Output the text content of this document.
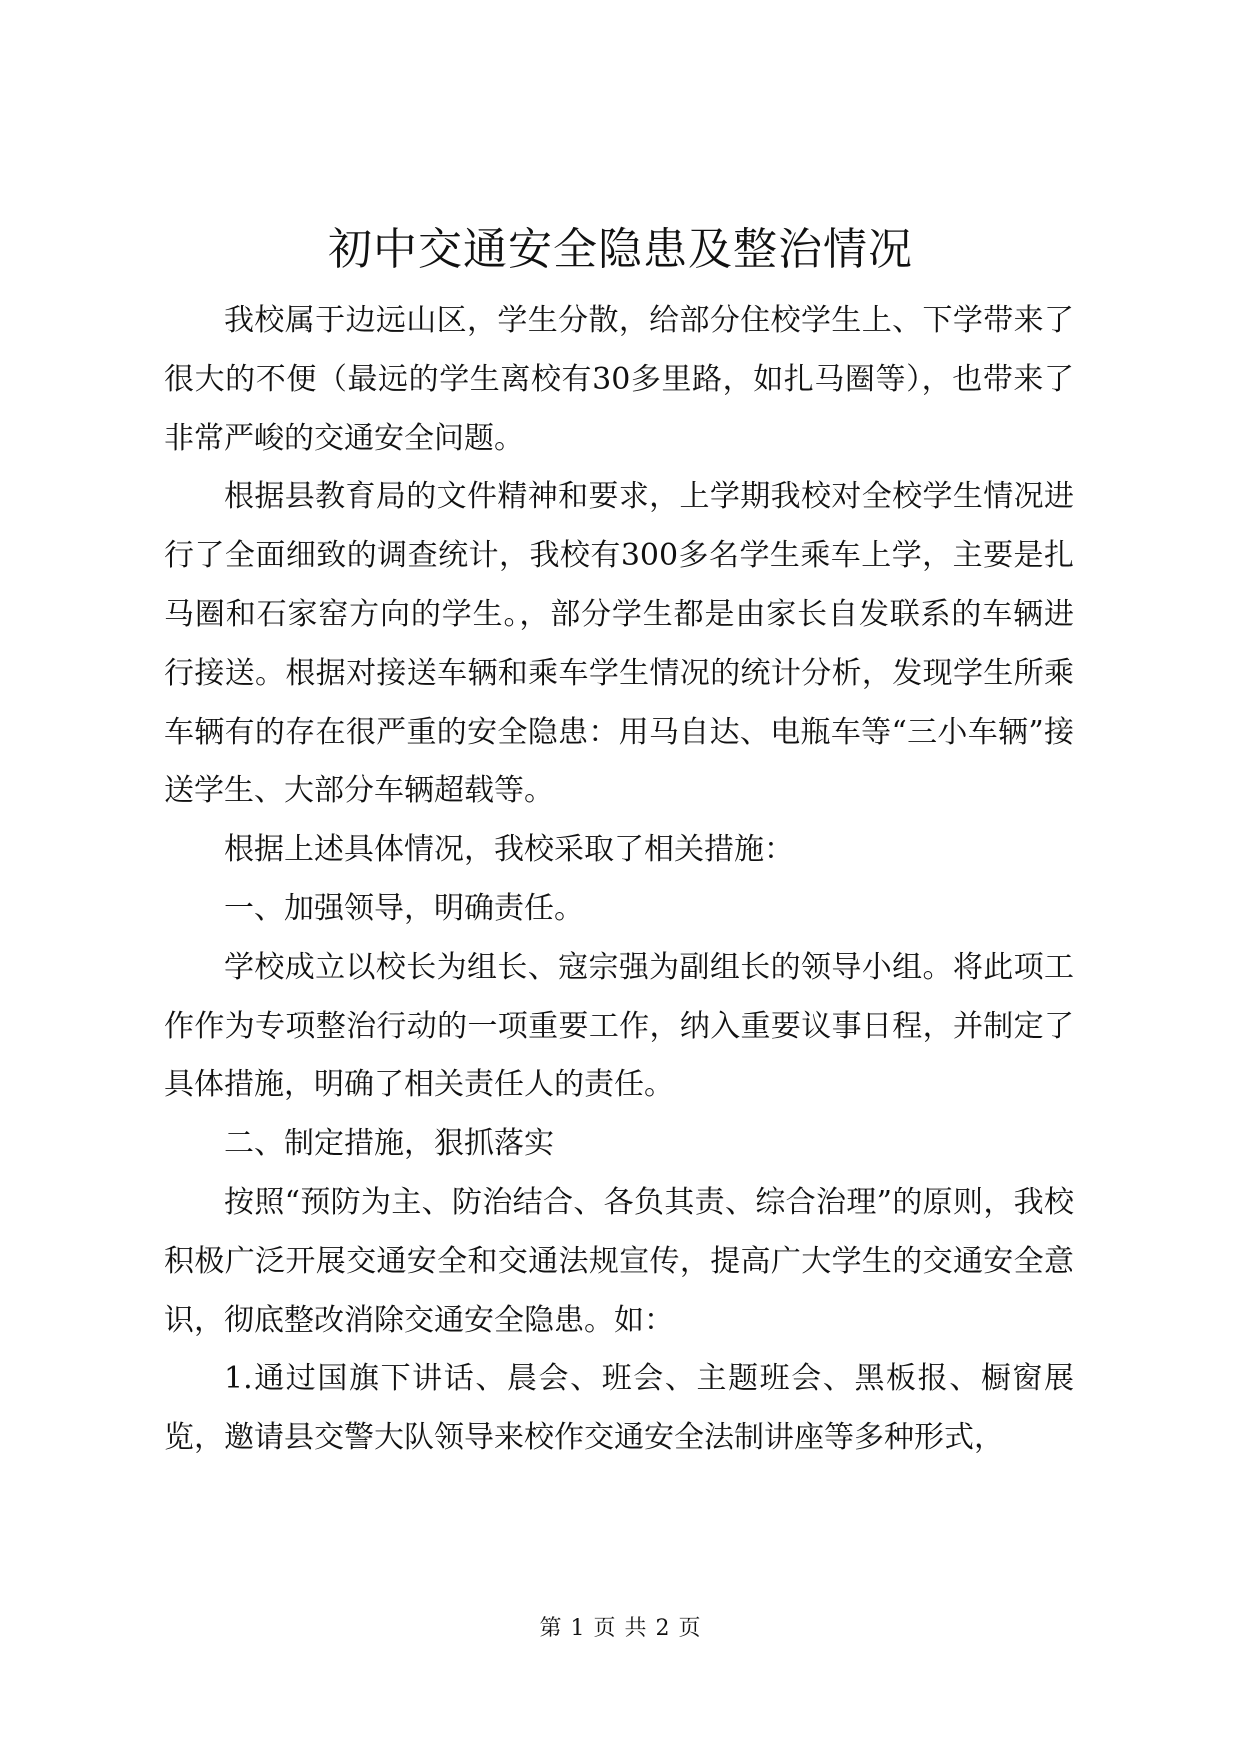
初中交通安全隐患及整治情况

我校属于边远山区，学生分散，给部分住校学生上、下学带来了很大的不便（最远的学生离校有30多里路，如扎马圈等），也带来了非常严峻的交通安全问题。

根据县教育局的文件精神和要求，上学期我校对全校学生情况进行了全面细致的调查统计，我校有300多名学生乘车上学，主要是扎马圈和石家窑方向的学生。，部分学生都是由家长自发联系的车辆进行接送。根据对接送车辆和乘车学生情况的统计分析，发现学生所乘车辆有的存在很严重的安全隐患：用马自达、电瓶车等“三小车辆”接送学生、大部分车辆超载等。

根据上述具体情况，我校采取了相关措施：

一、加强领导，明确责任。

学校成立以校长为组长、寇宗强为副组长的领导小组。将此项工作作为专项整治行动的一项重要工作，纳入重要议事日程，并制定了具体措施，明确了相关责任人的责任。

二、制定措施，狠抓落实

按照“预防为主、防治结合、各负其责、综合治理”的原则，我校积极广泛开展交通安全和交通法规宣传，提高广大学生的交通安全意识，彻底整改消除交通安全隐患。如：

1.通过国旗下讲话、晨会、班会、主题班会、黑板报、橱窗展览，邀请县交警大队领导来校作交通安全法制讲座等多种形式，

第 1 页 共 2 页
